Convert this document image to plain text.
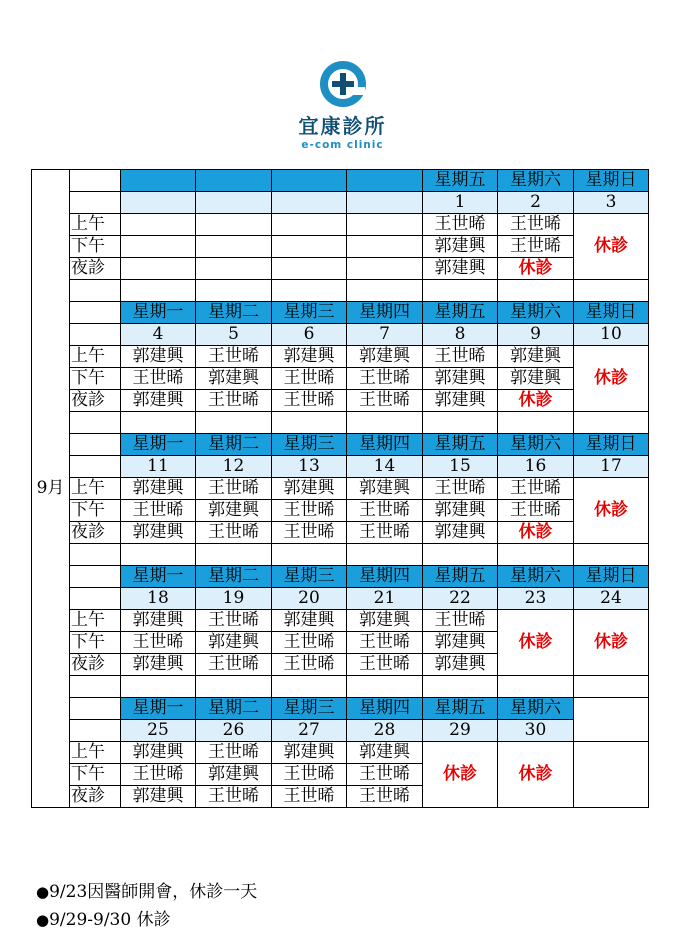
宜康診所
e-com clinic
9月						星期五	星期六	星期日
						1	2	3
	上午					王世晞	王世晞	休診
	下午					郭建興	王世晞	
	夜診					郭建興	休診	

		星期一	星期二	星期三	星期四	星期五	星期六	星期日
		4	5	6	7	8	9	10
	上午	郭建興	王世晞	郭建興	郭建興	王世晞	郭建興	休診
	下午	王世晞	郭建興	王世晞	王世晞	郭建興	郭建興	
	夜診	郭建興	王世晞	王世晞	王世晞	郭建興	休診	

		星期一	星期二	星期三	星期四	星期五	星期六	星期日
		11	12	13	14	15	16	17
	上午	郭建興	王世晞	郭建興	郭建興	王世晞	王世晞	休診
	下午	王世晞	郭建興	王世晞	王世晞	郭建興	王世晞	
	夜診	郭建興	王世晞	王世晞	王世晞	郭建興	休診	

		星期一	星期二	星期三	星期四	星期五	星期六	星期日
		18	19	20	21	22	23	24
	上午	郭建興	王世晞	郭建興	郭建興	王世晞	休診	休診
	下午	王世晞	郭建興	王世晞	王世晞	郭建興		
	夜診	郭建興	王世晞	王世晞	王世晞	郭建興		

		星期一	星期二	星期三	星期四	星期五	星期六	
		25	26	27	28	29	30	
	上午	郭建興	王世晞	郭建興	郭建興	休診	休診	
	下午	王世晞	郭建興	王世晞	王世晞			
	夜診	郭建興	王世晞	王世晞	王世晞			
●9/23因醫師開會，休診一天
●9/29-9/30 休診
